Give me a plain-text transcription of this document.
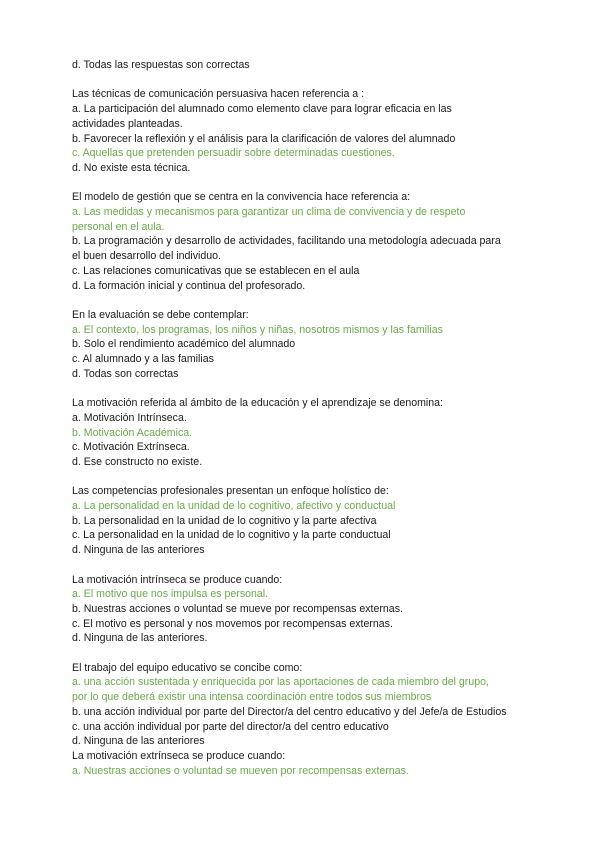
d. Todas las respuestas son correctas
Las técnicas de comunicación persuasiva hacen referencia a :
a. La participación del alumnado como elemento clave para lograr eficacia en las
actividades planteadas.
b. Favorecer la reflexión y el análisis para la clarificación de valores del alumnado
c. Aquellas que pretenden persuadir sobre determinadas cuestiones.
d. No existe esta técnica.
El modelo de gestión que se centra en la convivencia hace referencia a:
a. Las medidas y mecanismos para garantizar un clima de convivencia y de respeto
personal en el aula.
b. La programación y desarrollo de actividades, facilitando una metodología adecuada para
el buen desarrollo del individuo.
c. Las relaciones comunicativas que se establecen en el aula
d. La formación inicial y continua del profesorado.
En la evaluación se debe contemplar:
a. El contexto, los programas, los niños y niñas, nosotros mismos y las familias
b. Solo el rendimiento académico del alumnado
c. Al alumnado y a las familias
d. Todas son correctas
La motivación referida al ámbito de la educación y el aprendizaje se denomina:
a. Motivación Intrínseca.
b. Motivación Académica.
c. Motivación Extrínseca.
d. Ese constructo no existe.
Las competencias profesionales presentan un enfoque holístico de:
a. La personalidad en la unidad de lo cognitivo, afectivo y conductual
b. La personalidad en la unidad de lo cognitivo y la parte afectiva
c. La personalidad en la unidad de lo cognitivo y la parte conductual
d. Ninguna de las anteriores
La motivación intrínseca se produce cuando:
a. El motivo que nos impulsa es personal.
b. Nuestras acciones o voluntad se mueve por recompensas externas.
c. El motivo es personal y nos movemos por recompensas externas.
d. Ninguna de las anteriores.
El trabajo del equipo educativo se concibe como:
a. una acción sustentada y enriquecida por las aportaciones de cada miembro del grupo,
por lo que deberá existir una intensa coordinación entre todos sus miembros
b. una acción individual por parte del Director/a del centro educativo y del Jefe/a de Estudios
c. una acción individual por parte del director/a del centro educativo
d. Ninguna de las anteriores
La motivación extrínseca se produce cuando:
a. Nuestras acciones o voluntad se mueven por recompensas externas.
